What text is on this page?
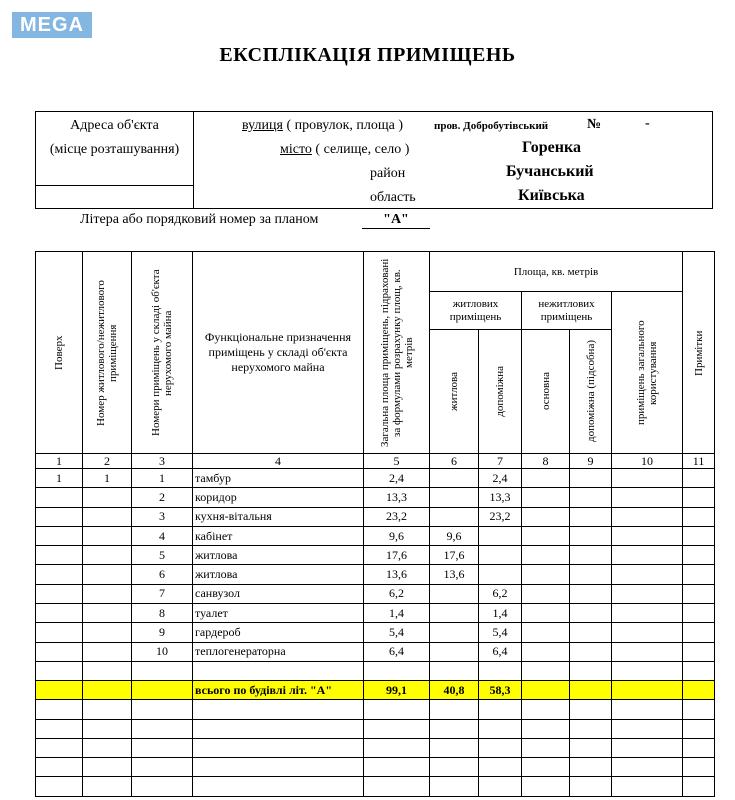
MEGA
ЕКСПЛІКАЦІЯ ПРИМІЩЕНЬ
Адреса об'єкта
(місце розташування)
вулиця ( провулок, площа )	пров. Добробутівський	№	-
місто ( селище, село )	Горенка
район	Бучанський
область	Київська
Літера або порядковий номер за планом	"А"
Поверх	Номер житлового/нежитлового приміщення	Номери приміщень у складі об'єкта нерухомого майна	Функціональне призначення приміщень у складі об'єкта нерухомого майна	Загальна площа приміщень, підраховані за формулами розрахунку площ, кв. метрів	Площа, кв. метрів					Примітки

					житлових приміщень		нежитлових приміщень		приміщень загального користування	

					житлова	допоміжна	основна	допоміжна (підсобна)		

1	2	3	4	5	6	7	8	9	10	11
1	1	1	тамбур	2,4		2,4				
		2	коридор	13,3		13,3				
		3	кухня-вітальня	23,2		23,2				
		4	кабінет	9,6	9,6					
		5	житлова	17,6	17,6					
		6	житлова	13,6	13,6					
		7	санвузол	6,2		6,2				
		8	туалет	1,4		1,4				
		9	гардероб	5,4		5,4				
		10	теплогенераторна	6,4		6,4				

			всього по будівлі літ. "А"	99,1	40,8	58,3				
